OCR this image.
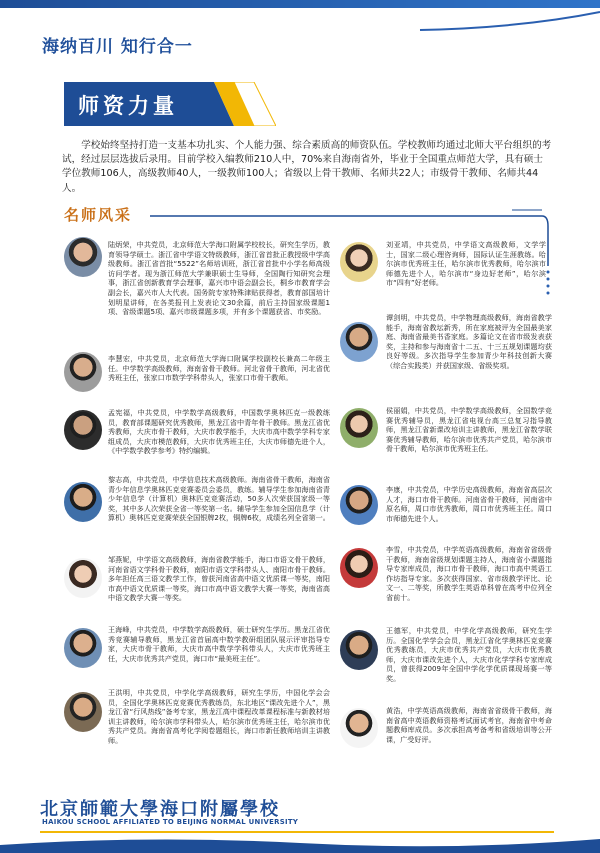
海纳百川 知行合一
师资力量
学校始终坚持打造一支基本功扎实、个人能力强、综合素质高的师资队伍。学校教师均通过北师大平台组织的考试，经过层层选拔后录用。目前学校入编教师210人中，70%来自海南省外，毕业于全国重点师范大学，具有硕士学位教师106人，高级教师40人，一级教师100人；省级以上骨干教师、名师共22人；市级骨干教师、名师共44人。
名师风采
陆炳荣，中共党员，北京师范大学海口附属学校校长，研究生学历，教育领导学硕士。浙江省中学语文特级教师，浙江省首批正教授级中学高级教师。浙江省首批“5522”名师培训班，浙江省首批中小学名师高级访问学者。现为浙江师范大学兼职硕士生导师，全国陶行知研究会理事，浙江省创新教育学会理事，嘉兴市中语会副会长，桐乡市教育学会副会长，嘉兴市人大代表。国务院专家特殊津贴获得者，教育部国培计划明星讲师，在各类报刊上发表论文30余篇，前后主持国家级课题1项、省级课题5项、嘉兴市级课题多项，并有多个课题获省、市奖励。
李慧宏，中共党员，北京师范大学海口附属学校副校长兼高二年级主任。中学数学高级教师，海南省骨干教师。河北省骨干教师，河北省优秀班主任，张家口市数学学科带头人，张家口市骨干教师。
孟宪福，中共党员，中学数学高级教师，中国数学奥林匹克一级教练员，教育部课题研究优秀教师，黑龙江省中青年骨干教师。黑龙江省优秀教师，大庆市骨干教师，大庆市教学能手，大庆市高中数学学科专家组成员，大庆市模范教师，大庆市优秀班主任，大庆市师德先进个人，《中学数学教学参考》特约编辑。
黎志高，中共党员，中学信息技术高级教师。海南省骨干教师，海南省青少年信息学奥林匹克竞赛委员会委员，教练。辅导学生参加海南省青少年信息学（计算机）奥林匹克竞赛活动，50多人次荣获国家级一等奖，其中多人次荣获全省一等奖第一名。辅导学生参加全国信息学（计算机）奥林匹克竞赛荣获全国银牌2枚，铜牌6枚，成绩名列全省第一。
邹燕妮，中学语文高级教师，海南省教学能手，海口市语文骨干教师，河南省语文学科骨干教师，南阳市语文学科带头人、南阳市骨干教师。多年担任高三语文教学工作，曾获河南省高中语文优质课一等奖，南阳市高中语文优质课一等奖，海口市高中语文教学大赛一等奖，海南省高中语文教学大赛一等奖。
王海峰，中共党员，中学数学高级教师，硕士研究生学历。黑龙江省优秀竞赛辅导教师，黑龙江省首届高中数学教研组团队展示评审指导专家，大庆市骨干教师，大庆市高中数学学科带头人，大庆市优秀班主任，大庆市优秀共产党员，海口市“最美班主任”。
王洪明，中共党员，中学化学高级教师，研究生学历，中国化学会会员，全国化学奥林匹克竞赛优秀教练员，东北地区“课改先进个人”，黑龙江省“行风热线”备考专家，黑龙江高中课程改革课程标准与新教材培训主讲教师，哈尔滨市学科带头人，哈尔滨市优秀班主任，哈尔滨市优秀共产党员。海南省高考化学阅卷题组长，海口市新任教师培训主讲教师。
刘亚靖，中共党员，中学语文高级教师，文学学士，国家二级心理咨询师，国际认证生涯教练。哈尔滨市优秀班主任，哈尔滨市优秀教师，哈尔滨市师德先进个人，哈尔滨市“身边好老师”，哈尔滨市“四有”好老师。
谭剑明，中共党员，中学物理高级教师，海南省教学能手，海南省教坛新秀，所在家庭被评为全国最美家庭、海南省最美书香家庭。多篇论文在省市级发表获奖，主持和参与海南省十二五、十三五规划课题均获良好等级。多次指导学生参加青少年科技创新大赛（综合实践类）并获国家级、省级奖项。
侯丽娟，中共党员，中学数学高级教师，全国数学竞赛优秀辅导员，黑龙江省电视台高三总复习指导教师，黑龙江省新课改培训主讲教师，黑龙江省数学联赛优秀辅导教师，哈尔滨市优秀共产党员，哈尔滨市骨干教师，哈尔滨市优秀班主任。
李康，中共党员，中学历史高级教师，海南省高层次人才，海口市骨干教师。河南省骨干教师，河南省中原名师，周口市优秀教师，周口市优秀班主任。周口市师德先进个人。
李雪，中共党员，中学英语高级教师，海南省省级骨干教师，海南省级规划课题主持人，海南省小课题指导专家库成员，海口市骨干教师，海口市高中英语工作坊指导专家。多次获得国家、省市级教学评比、论文一、二等奖，所教学生英语单科曾在高考中位列全省前十。
王德军，中共党员，中学化学高级教师，研究生学历。全国化学学会会员，黑龙江省化学奥林匹克竞赛优秀教练员，大庆市优秀共产党员，大庆市优秀教师，大庆市课改先进个人，大庆市化学学科专家库成员，曾获得2009年全国中学化学优质课现场赛一等奖。
黄浩，中学英语高级教师，海南省省级骨干教师，海南省高中英语教师资格考试面试考官，海南省中考命题教师库成员。多次承担高考备考和省级培训等公开课，广受好评。
北京師範大學海口附屬學校
HAIKOU SCHOOL AFFILIATED TO BEIJING NORMAL UNIVERSITY
